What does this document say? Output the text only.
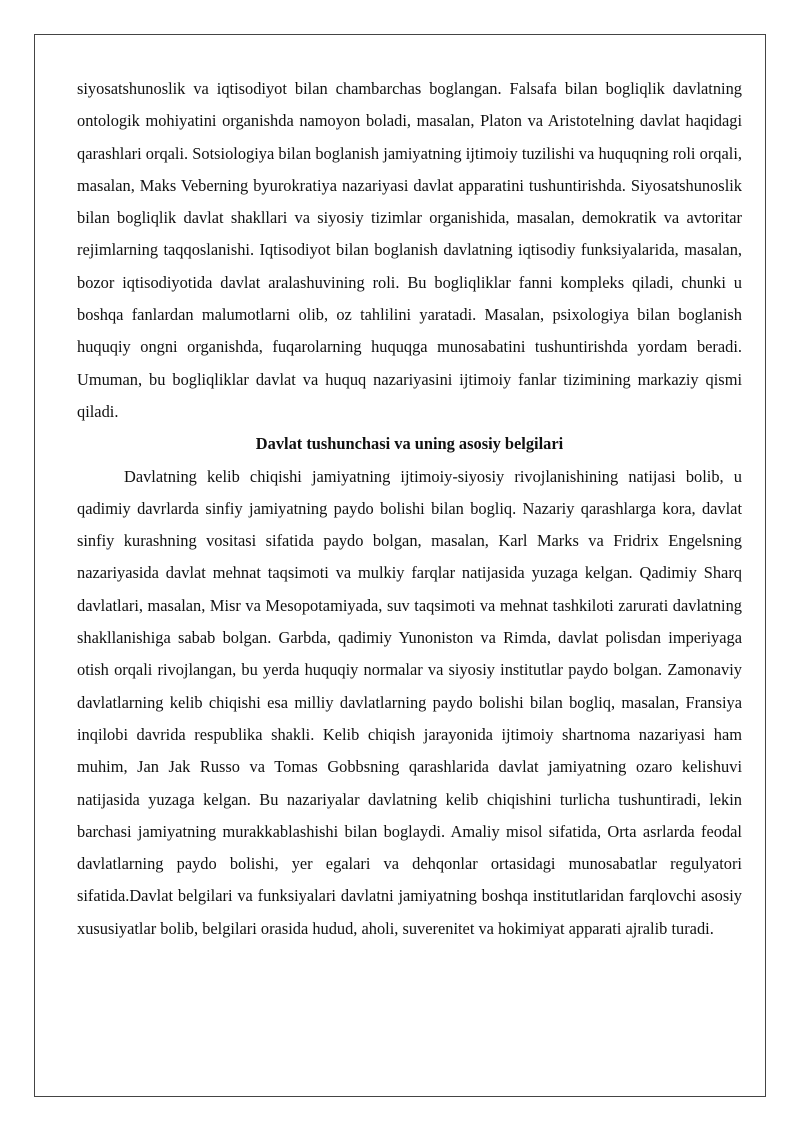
siyosatshunoslik va iqtisodiyot bilan chambarchas boglangan. Falsafa bilan bogliqlik davlatning ontologik mohiyatini organishda namoyon boladi, masalan, Platon va Aristotelning davlat haqidagi qarashlari orqali. Sotsiologiya bilan boglanish jamiyatning ijtimoiy tuzilishi va huquqning roli orqali, masalan, Maks Veberning byurokratiya nazariyasi davlat apparatini tushuntirishda. Siyosatshunoslik bilan bogliqlik davlat shakllari va siyosiy tizimlar organishida, masalan, demokratik va avtoritar rejimlarning taqqoslanishi. Iqtisodiyot bilan boglanish davlatning iqtisodiy funksiyalarida, masalan, bozor iqtisodiyotida davlat aralashuvining roli. Bu bogliqliklar fanni kompleks qiladi, chunki u boshqa fanlardan malumotlarni olib, oz tahlilini yaratadi. Masalan, psixologiya bilan boglanish huquqiy ongni organishda, fuqarolarning huquqga munosabatini tushuntirishda yordam beradi. Umuman, bu bogliqliklar davlat va huquq nazariyasini ijtimoiy fanlar tizimining markaziy qismi qiladi.

Davlat tushunchasi va uning asosiy belgilari

Davlatning kelib chiqishi jamiyatning ijtimoiy-siyosiy rivojlanishining natijasi bolib, u qadimiy davrlarda sinfiy jamiyatning paydo bolishi bilan bogliq. Nazariy qarashlarga kora, davlat sinfiy kurashning vositasi sifatida paydo bolgan, masalan, Karl Marks va Fridrix Engelsning nazariyasida davlat mehnat taqsimoti va mulkiy farqlar natijasida yuzaga kelgan. Qadimiy Sharq davlatlari, masalan, Misr va Mesopotamiyada, suv taqsimoti va mehnat tashkiloti zarurati davlatning shakllanishiga sabab bolgan. Garbda, qadimiy Yunoniston va Rimda, davlat polisdan imperiyaga otish orqali rivojlangan, bu yerda huquqiy normalar va siyosiy institutlar paydo bolgan. Zamonaviy davlatlarning kelib chiqishi esa milliy davlatlarning paydo bolishi bilan bogliq, masalan, Fransiya inqilobi davrida respublika shakli. Kelib chiqish jarayonida ijtimoiy shartnoma nazariyasi ham muhim, Jan Jak Russo va Tomas Gobbsning qarashlarida davlat jamiyatning ozaro kelishuvi natijasida yuzaga kelgan. Bu nazariyalar davlatning kelib chiqishini turlicha tushuntiradi, lekin barchasi jamiyatning murakkablashishi bilan boglaydi. Amaliy misol sifatida, Orta asrlarda feodal davlatlarning paydo bolishi, yer egalari va dehqonlar ortasidagi munosabatlar regulyatori sifatida.Davlat belgilari va funksiyalari davlatni jamiyatning boshqa institutlaridan farqlovchi asosiy xususiyatlar bolib, belgilari orasida hudud, aholi, suverenitet va hokimiyat apparati ajralib turadi.
